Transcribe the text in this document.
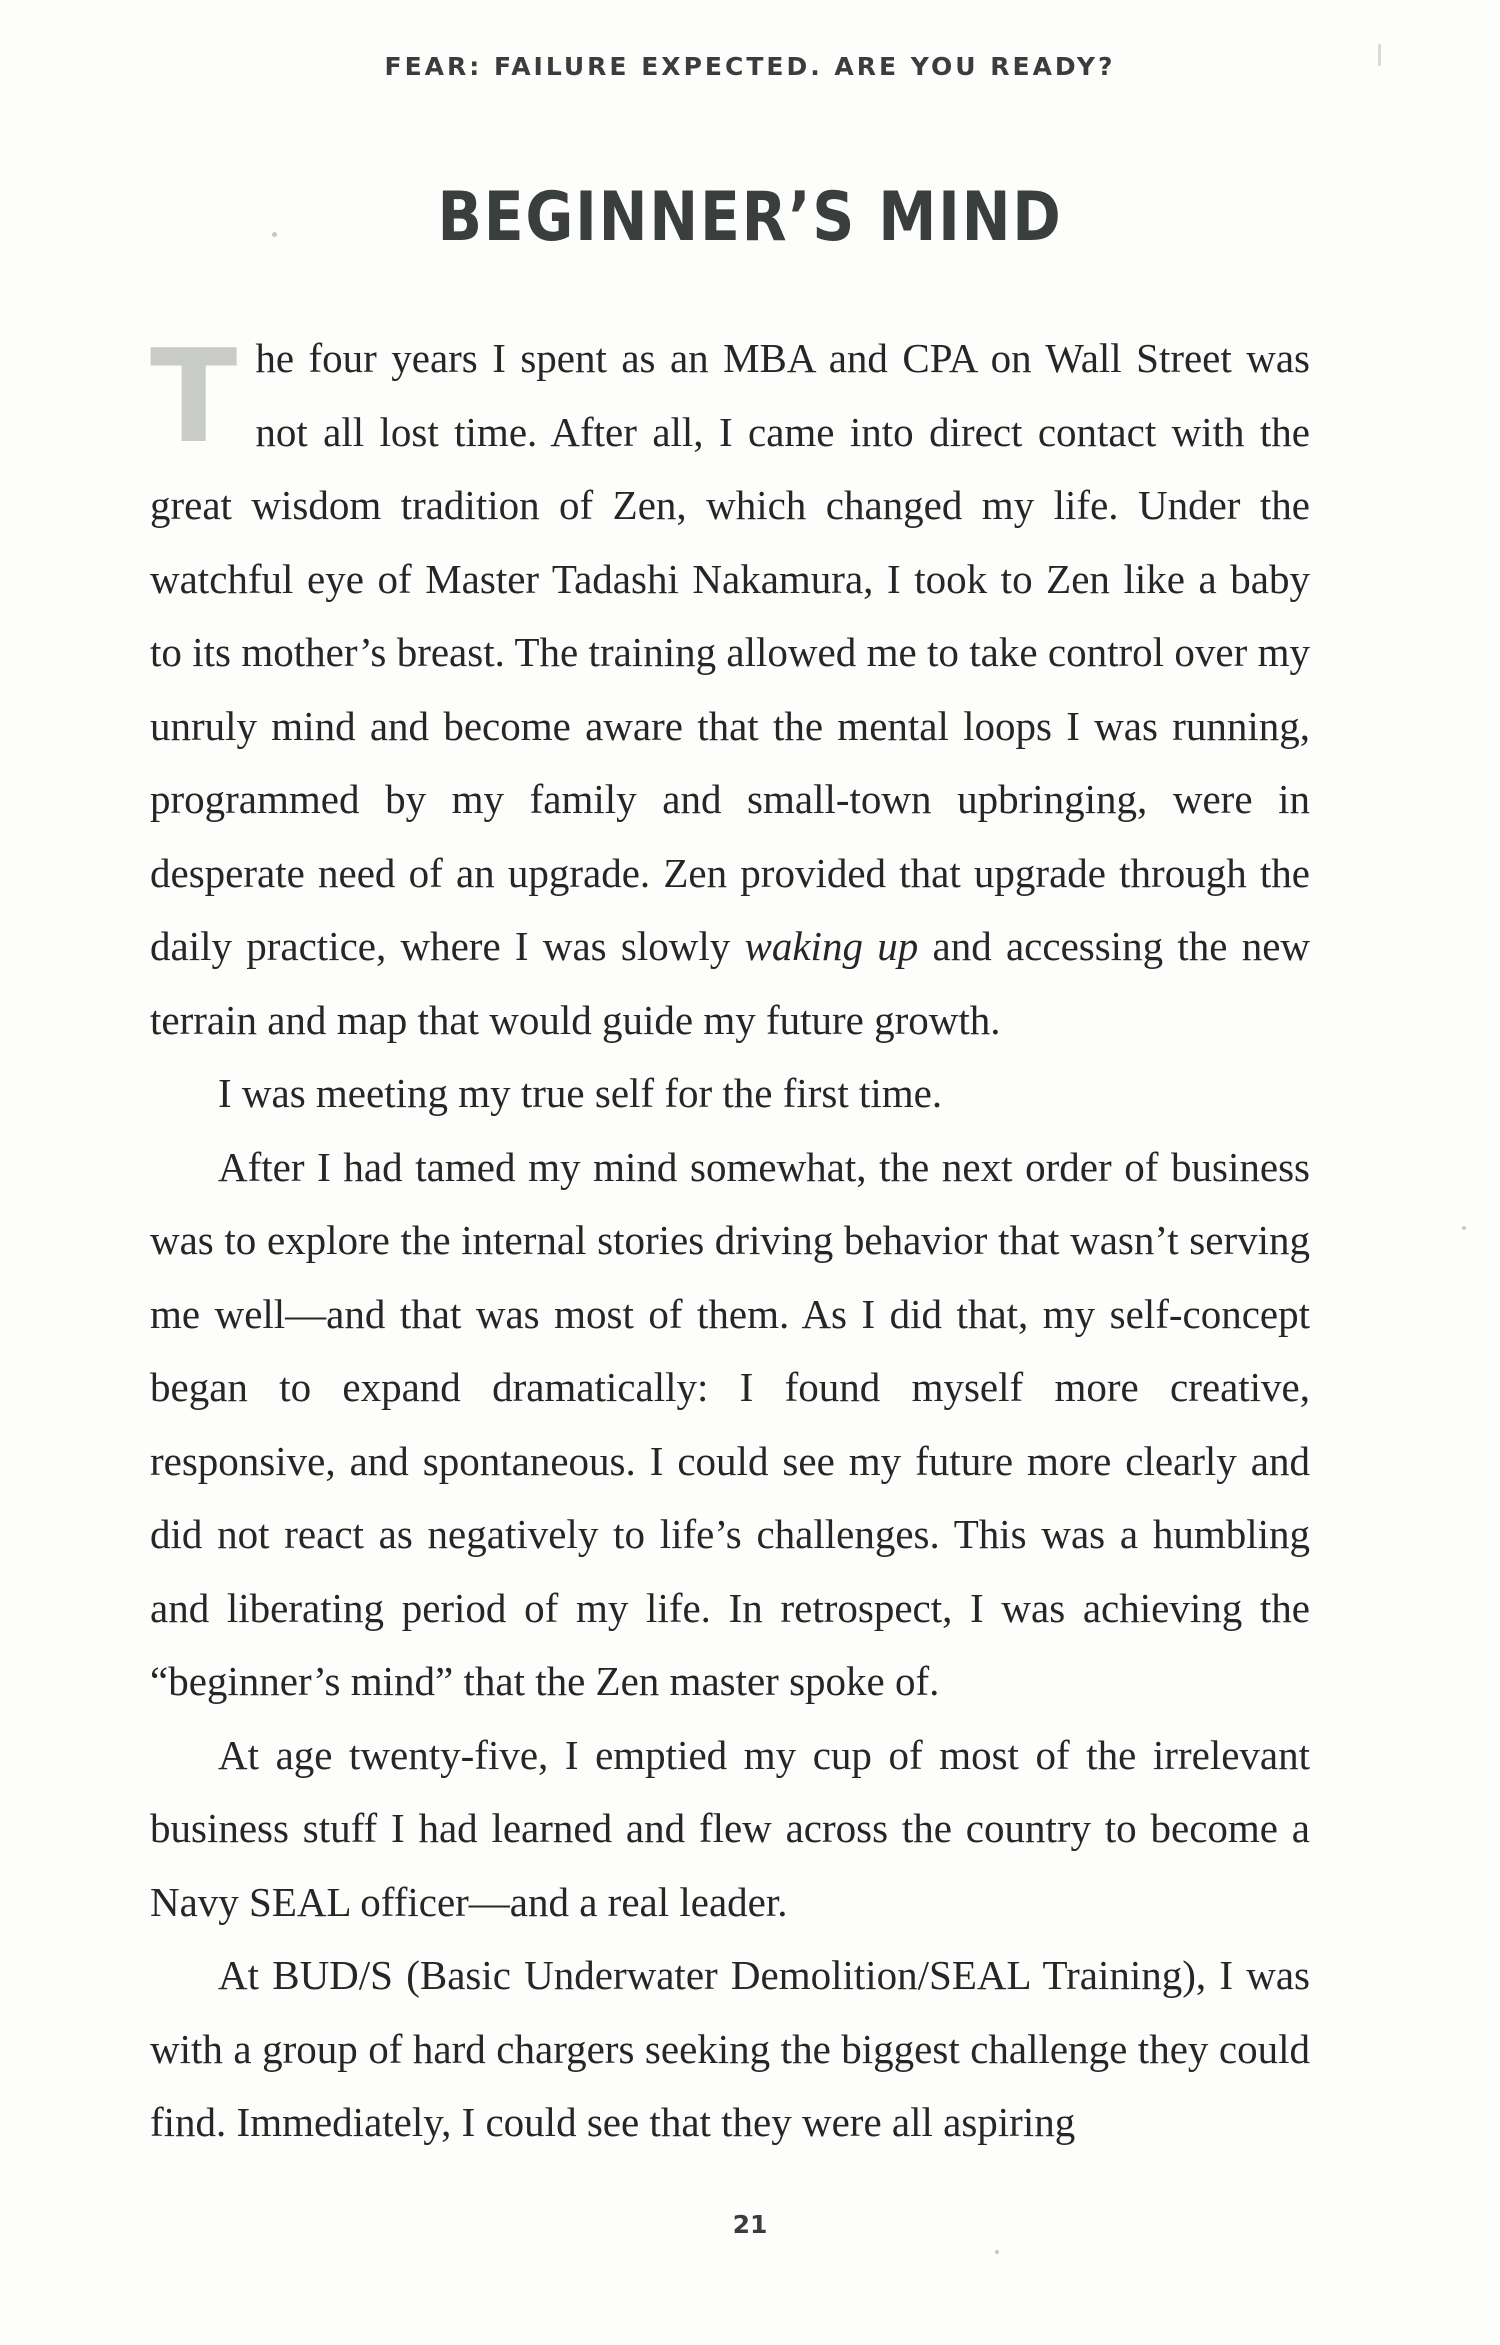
FEAR: FAILURE EXPECTED. ARE YOU READY?
BEGINNER’S MIND

The four years I spent as an MBA and CPA on Wall Street was not all lost time. After all, I came into direct contact with the great wisdom tradition of Zen, which changed my life. Under the watchful eye of Master Tadashi Nakamura, I took to Zen like a baby to its mother’s breast. The training allowed me to take control over my unruly mind and become aware that the mental loops I was running, programmed by my family and small-town upbringing, were in desperate need of an upgrade. Zen provided that upgrade through the daily practice, where I was slowly waking up and accessing the new terrain and map that would guide my future growth.

I was meeting my true self for the first time.

After I had tamed my mind somewhat, the next order of business was to explore the internal stories driving behavior that wasn’t serving me well—and that was most of them. As I did that, my self-concept began to expand dramatically: I found myself more creative, responsive, and spontaneous. I could see my future more clearly and did not react as negatively to life’s challenges. This was a humbling and liberating period of my life. In retrospect, I was achieving the “beginner’s mind” that the Zen master spoke of.

At age twenty-five, I emptied my cup of most of the irrelevant business stuff I had learned and flew across the country to become a Navy SEAL officer—and a real leader.

At BUD/S (Basic Underwater Demolition/SEAL Training), I was with a group of hard chargers seeking the biggest challenge they could find. Immediately, I could see that they were all aspiring

21
